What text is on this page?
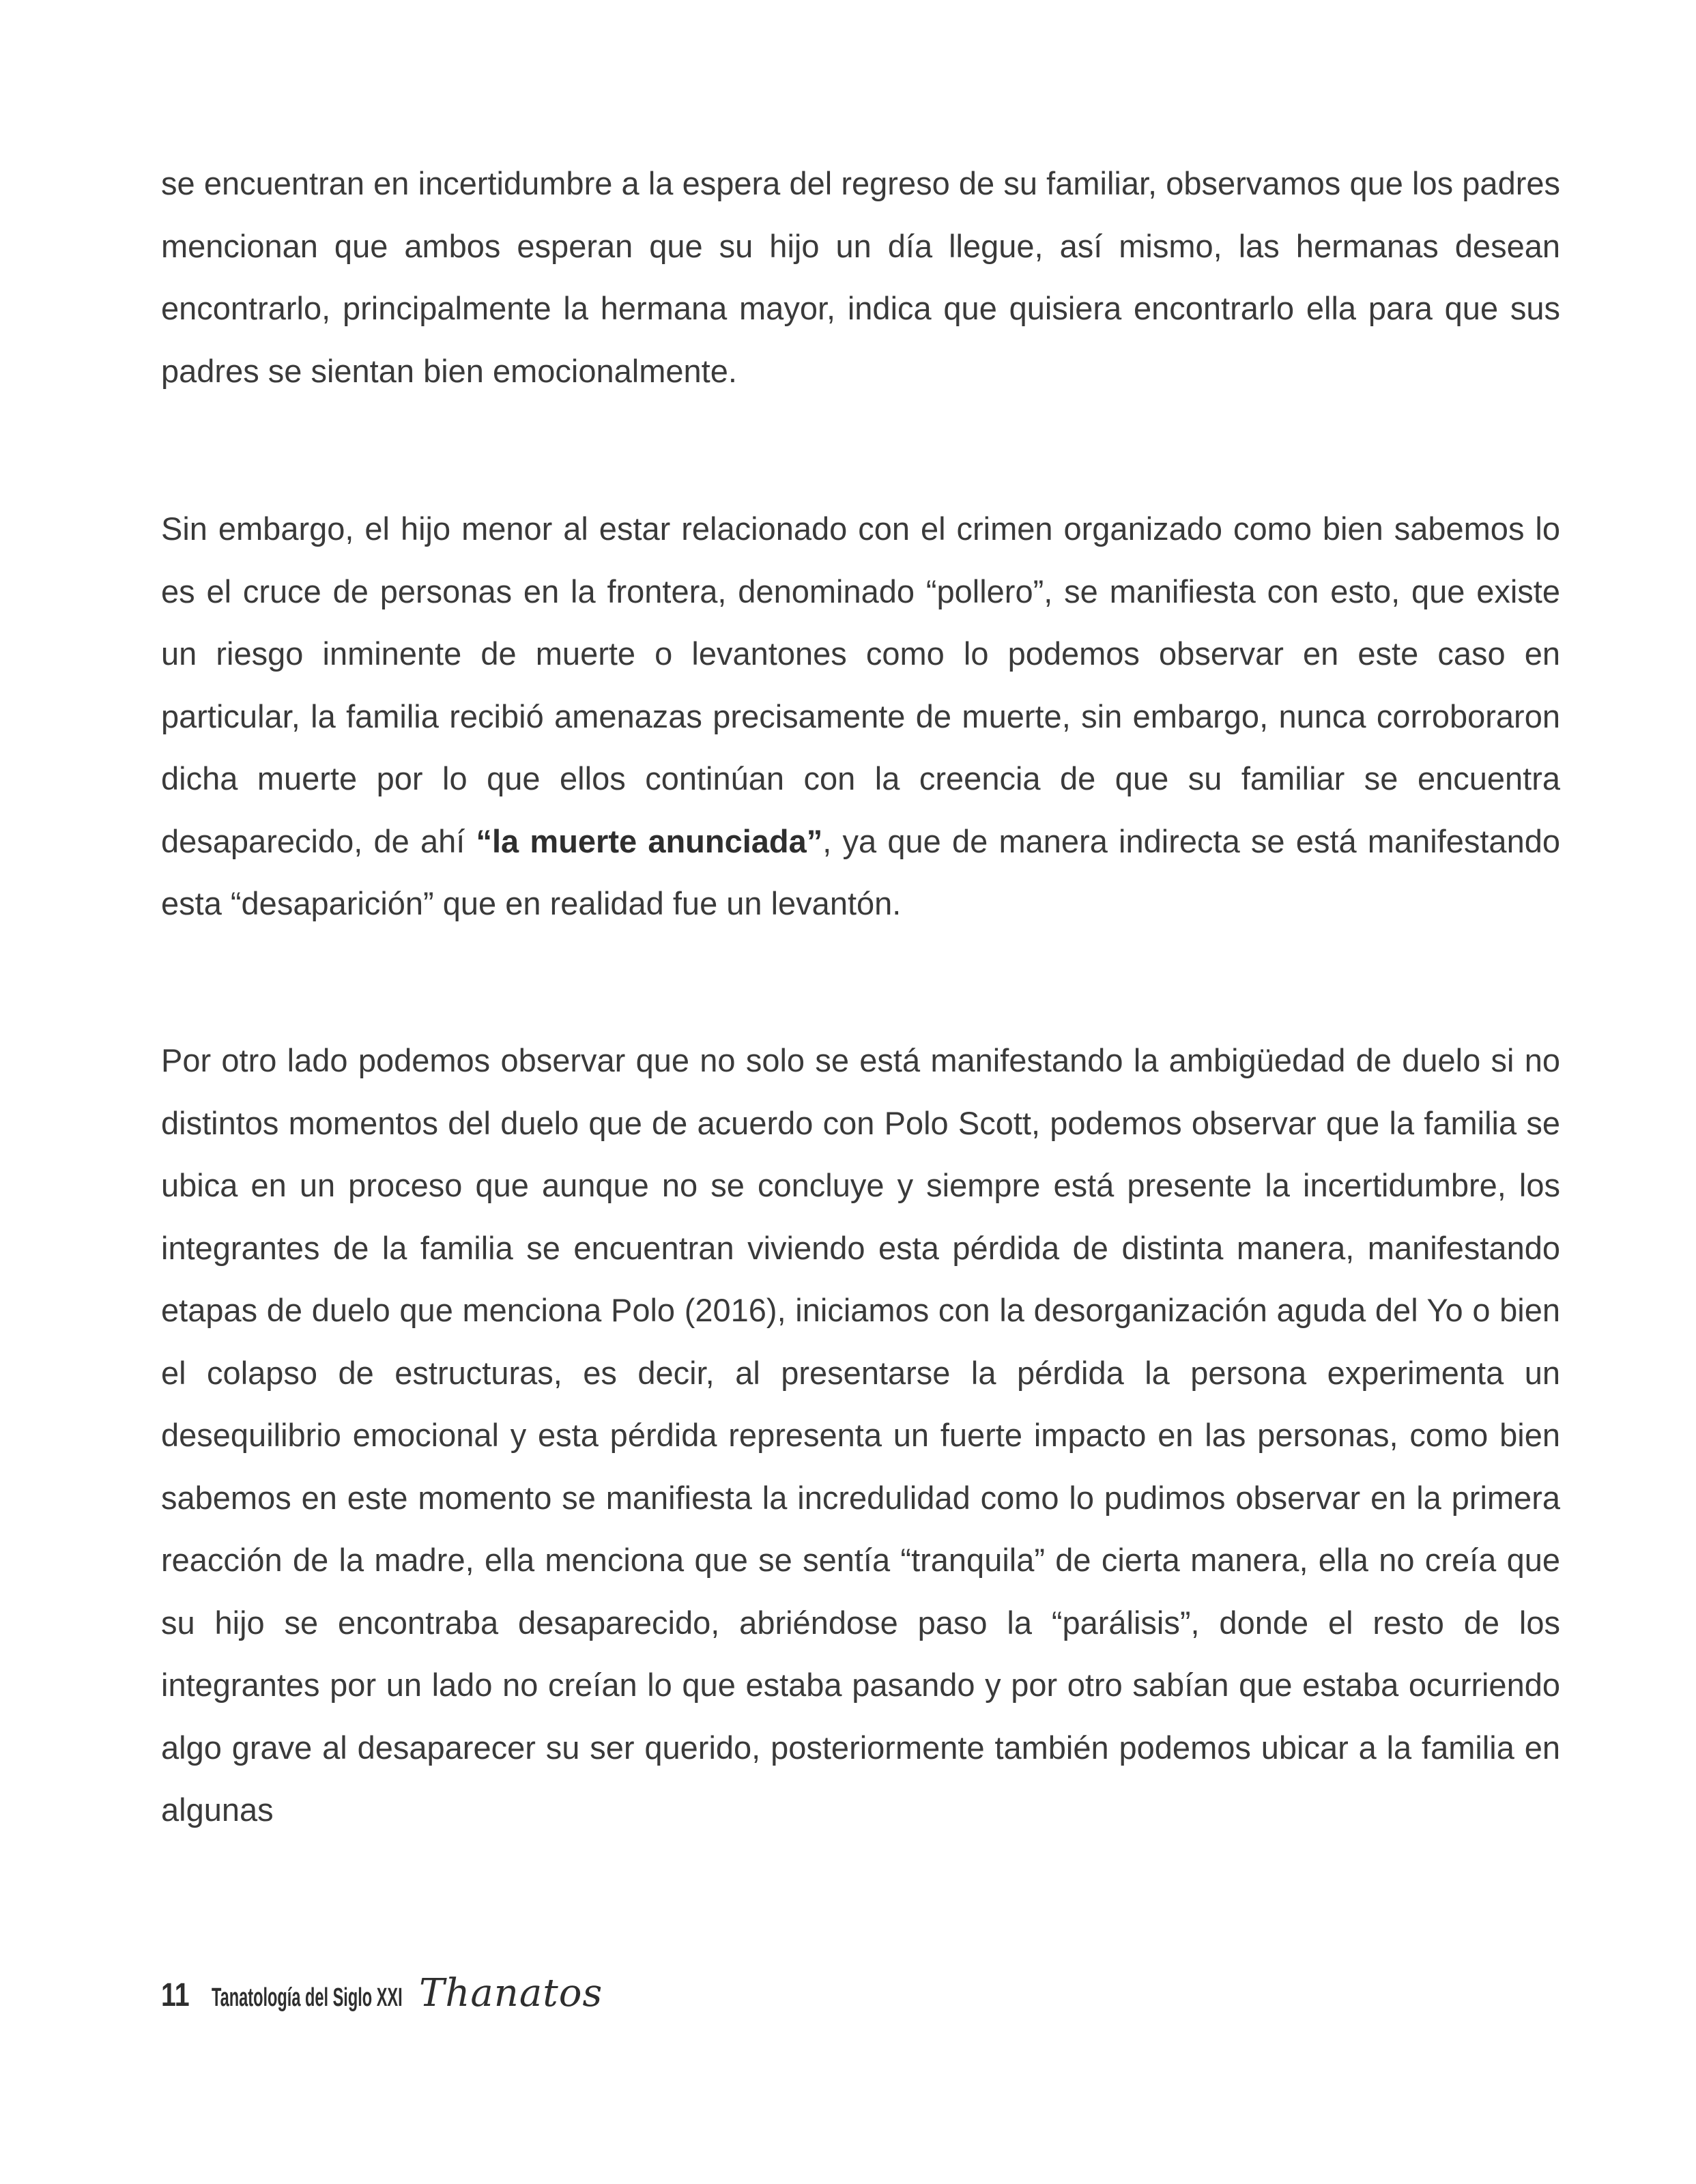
se encuentran en incertidumbre a la espera del regreso de su familiar, observamos que los padres mencionan que ambos esperan que su hijo un día llegue, así mismo, las hermanas desean encontrarlo, principalmente la hermana mayor, indica que quisiera encontrarlo ella para que sus padres se sientan bien emocionalmente.

Sin embargo, el hijo menor al estar relacionado con el crimen organizado como bien sabemos lo es el cruce de personas en la frontera, denominado “pollero”, se manifiesta con esto, que existe un riesgo inminente de muerte o levantones como lo podemos observar en este caso en particular, la familia recibió amenazas precisamente de muerte, sin embargo, nunca corroboraron dicha muerte por lo que ellos continúan con la creencia de que su familiar se encuentra desaparecido, de ahí “la muerte anunciada”, ya que de manera indirecta se está manifestando esta “desaparición” que en realidad fue un levantón.

Por otro lado podemos observar que no solo se está manifestando la ambigüedad de duelo si no distintos momentos del duelo que de acuerdo con Polo Scott, podemos observar que la familia se ubica en un proceso que aunque no se concluye y siempre está presente la incertidumbre, los integrantes de la familia se encuentran viviendo esta pérdida de distinta manera, manifestando etapas de duelo que menciona Polo (2016), iniciamos con la desorganización aguda del Yo o bien el colapso de estructuras, es decir, al presentarse la pérdida la persona experimenta un desequilibrio emocional y esta pérdida representa un fuerte impacto en las personas, como bien sabemos en este momento se manifiesta la incredulidad como lo pudimos observar en la primera reacción de la madre, ella menciona que se sentía “tranquila” de cierta manera, ella no creía que su hijo se encontraba desaparecido, abriéndose paso la “parálisis”, donde el resto de los integrantes por un lado no creían lo que estaba pasando y por otro sabían que estaba ocurriendo algo grave al desaparecer su ser querido, posteriormente también podemos ubicar a la familia en algunas

11 Tanatología del Siglo XXI Thanatos
